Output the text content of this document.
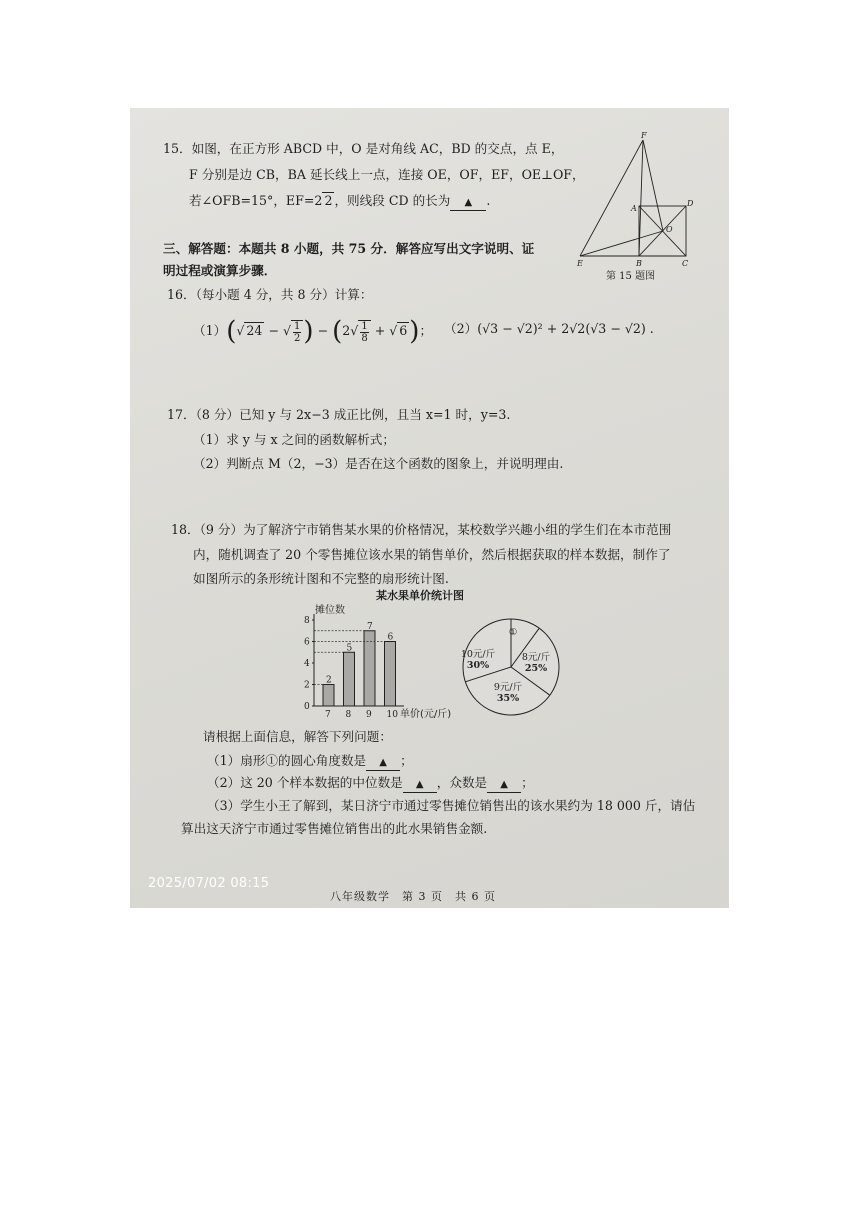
15．如图，在正方形 ABCD 中，O 是对角线 AC，BD 的交点，点 E，
F 分别是边 CB，BA 延长线上一点，连接 OE，OF，EF，OE⊥OF，
若∠OFB=15°，EF=2 2 ，则线段 CD 的长为 ▲ .
三、解答题：本题共 8 小题，共 75 分．解答应写出文字说明、证
明过程或演算步骤．
16．（每小题 4 分，共 8 分）计算：
（1）(√ 24 − √ $\frac{1}{2}$ ) − ($2√ \frac{1}{8}$ + √ 6)； （2）(√3 − √2)² + 2√2(√3 − √2) .
17．（8 分）已知 y 与 2x−3 成正比例，且当 x=1 时，y=3.
（1）求 y 与 x 之间的函数解析式；
（2）判断点 M（2，−3）是否在这个函数的图象上，并说明理由.
18．（9 分）为了解济宁市销售某水果的价格情况，某校数学兴趣小组的学生们在本市范围
内，随机调查了 20 个零售摊位该水果的销售单价，然后根据获取的样本数据，制作了
如图所示的条形统计图和不完整的扇形统计图.
某水果单价统计图
请根据上面信息，解答下列问题：
（1）扇形①的圆心角度数是 ▲ ；
（2）这 20 个样本数据的中位数是 ▲ ，众数是 ▲ ；
（3）学生小王了解到，某日济宁市通过零售摊位销售出的该水果约为 18 000 斤，请估
算出这天济宁市通过零售摊位销售出的此水果销售金额.
F
A
D
O
E	B	C
第 15 题图
摊位数
单价(元/斤)
0
2
4
6
8
2
7
5
8
7
9
6
10
①
8元/斤
25%
9元/斤
35%
10元/斤
30%
2025/07/02 08:15
八年级数学　第 3 页　共 6 页
